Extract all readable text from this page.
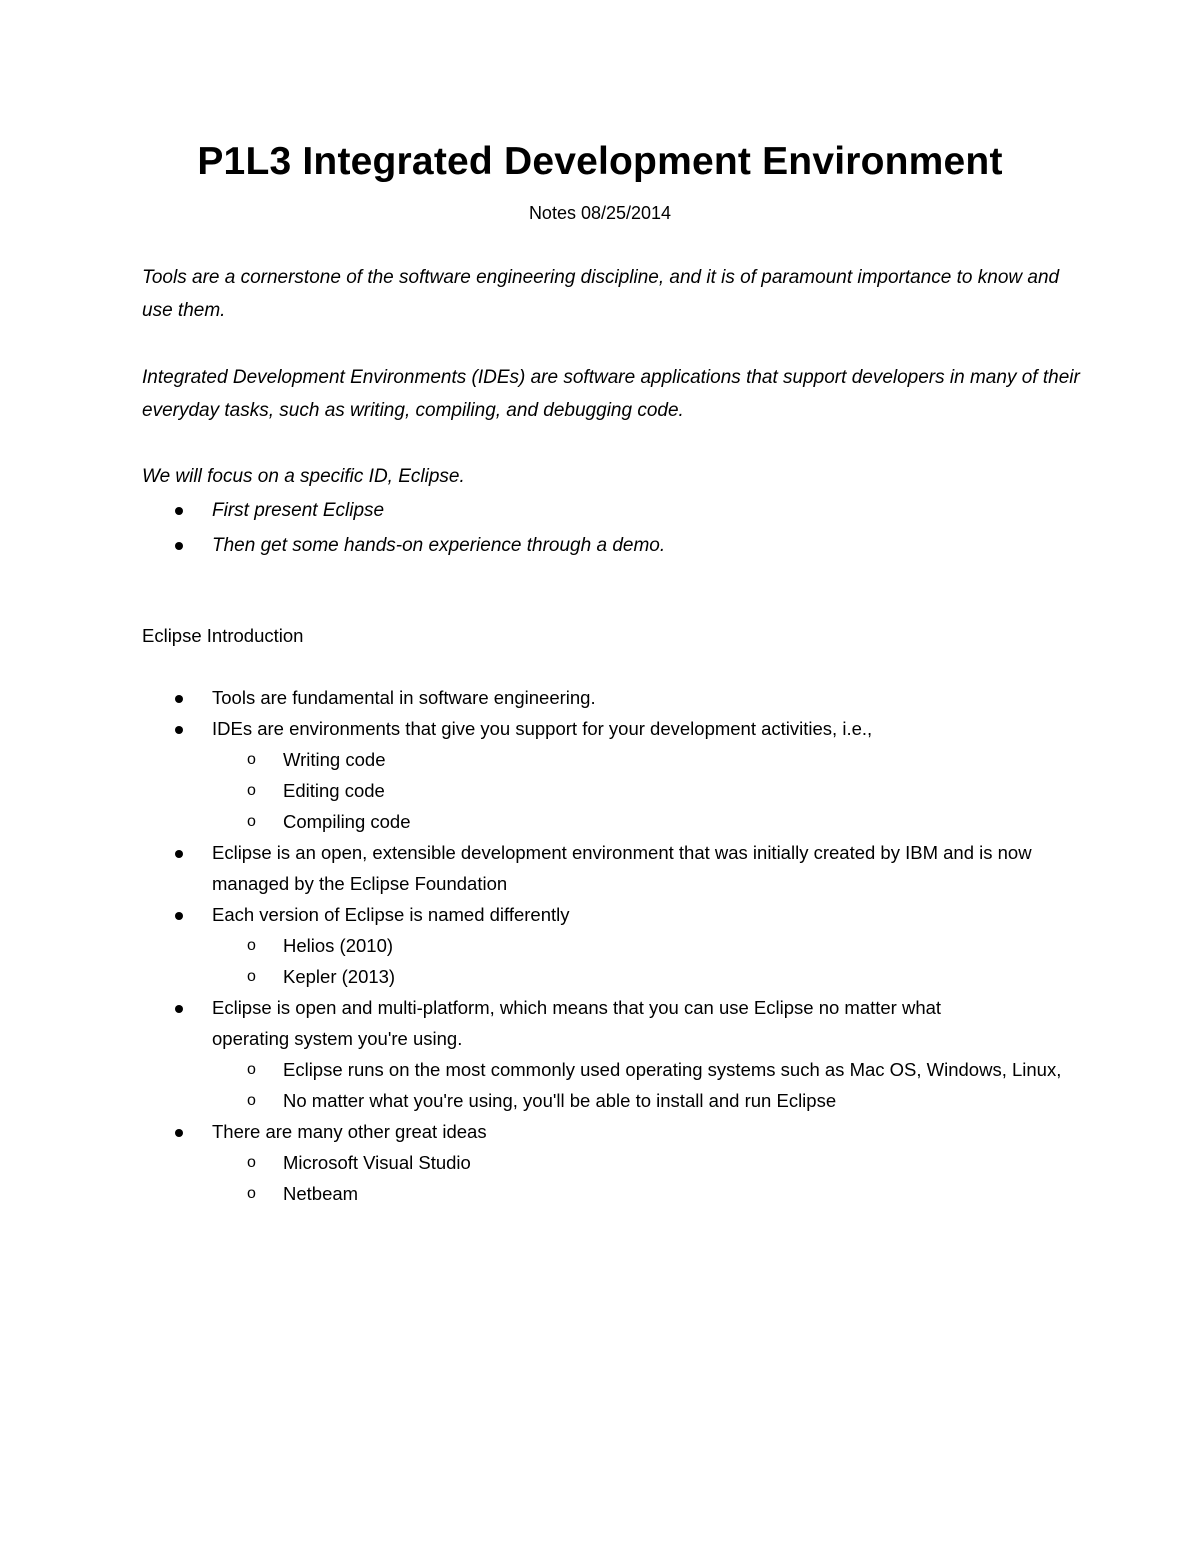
P1L3 Integrated Development Environment
Notes 08/25/2014
Tools are a cornerstone of the software engineering discipline, and it is of paramount importance to know and use them.
Integrated Development Environments (IDEs) are software applications that support developers in many of their everyday tasks, such as writing, compiling, and debugging code.
We will focus on a specific ID, Eclipse.
First present Eclipse
Then get some hands-on experience through a demo.
Eclipse Introduction
Tools are fundamental in software engineering.
IDEs are environments that give you support for your development activities, i.e.,
o Writing code
o Editing code
o Compiling code
Eclipse is an open, extensible development environment that was initially created by IBM and is now managed by the Eclipse Foundation
Each version of Eclipse is named differently
o Helios (2010)
o Kepler (2013)
Eclipse is open and multi-platform, which means that you can use Eclipse no matter what operating system you're using.
o Eclipse runs on the most commonly used operating systems such as Mac OS, Windows, Linux,
o No matter what you're using, you'll be able to install and run Eclipse
There are many other great ideas
o Microsoft Visual Studio
o Netbeam
